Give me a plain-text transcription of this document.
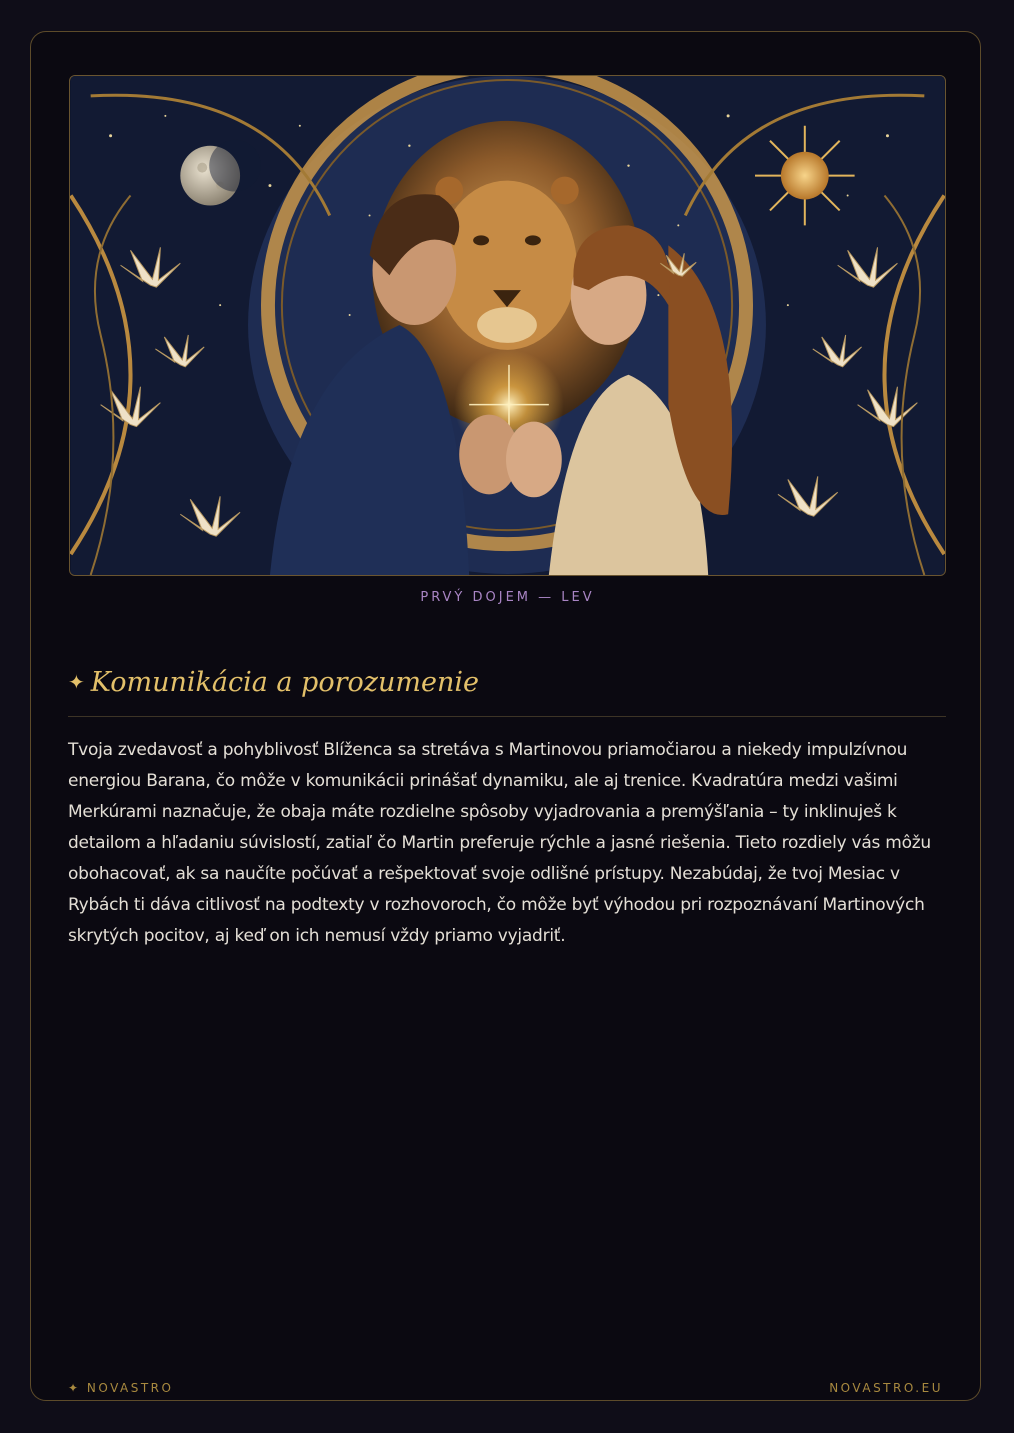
PRVÝ DOJEM — LEV
✦ Komunikácia a porozumenie

Tvoja zvedavosť a pohyblivosť Blíženca sa stretáva s Martinovou priamočiarou a niekedy impulzívnou energiou Barana, čo môže v komunikácii prinášať dynamiku, ale aj trenice. Kvadratúra medzi vašimi Merkúrami naznačuje, že obaja máte rozdielne spôsoby vyjadrovania a premýšľania – ty inklinuješ k detailom a hľadaniu súvislostí, zatiaľ čo Martin preferuje rýchle a jasné riešenia. Tieto rozdiely vás môžu obohacovať, ak sa naučíte počúvať a rešpektovať svoje odlišné prístupy. Nezabúdaj, že tvoj Mesiac v Rybách ti dáva citlivosť na podtexty v rozhovoroch, čo môže byť výhodou pri rozpoznávaní Martinových skrytých pocitov, aj keď on ich nemusí vždy priamo vyjadriť.

✦ NOVASTRO	NOVASTRO.EU
